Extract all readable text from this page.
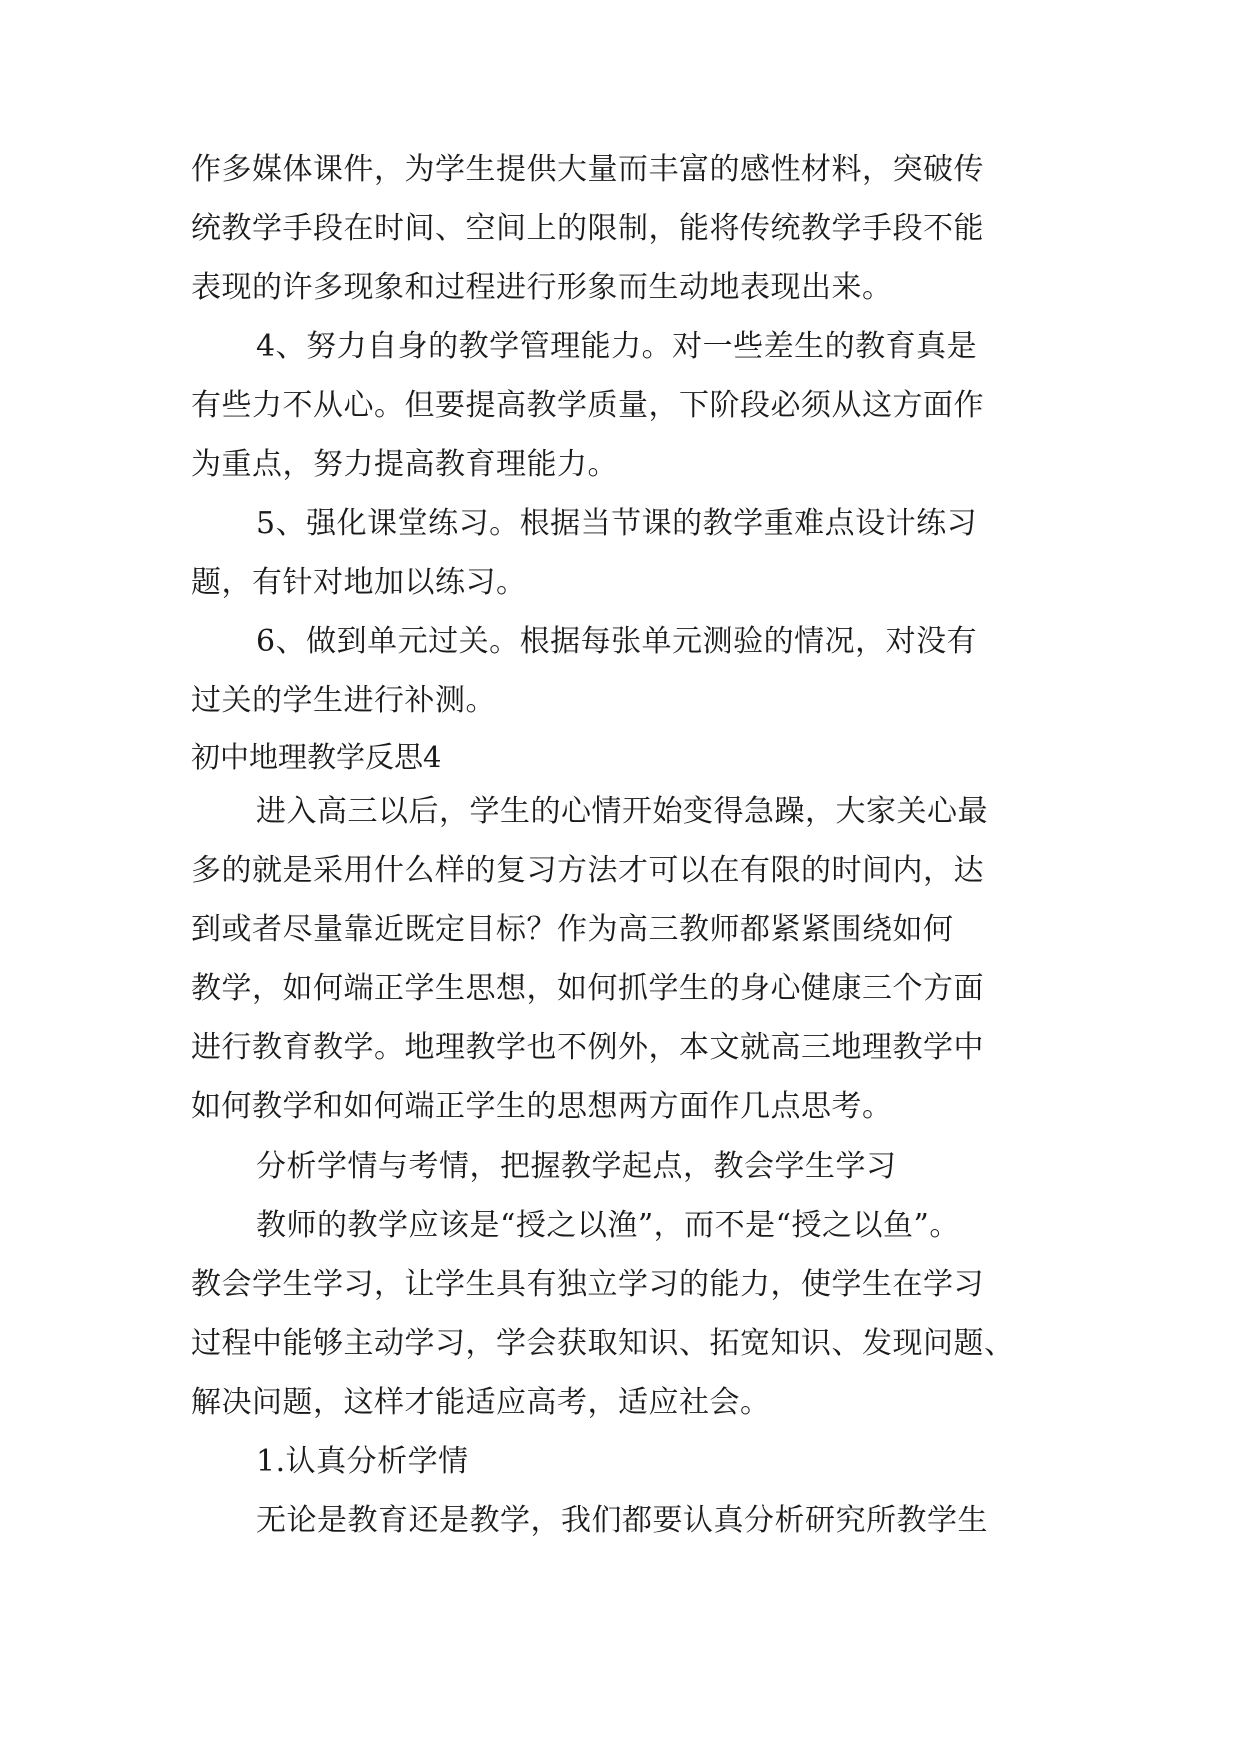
作多媒体课件，为学生提供大量而丰富的感性材料，突破传

统教学手段在时间、空间上的限制，能将传统教学手段不能

表现的许多现象和过程进行形象而生动地表现出来。

4、努力自身的教学管理能力。对一些差生的教育真是

有些力不从心。但要提高教学质量，下阶段必须从这方面作

为重点，努力提高教育理能力。

5、强化课堂练习。根据当节课的教学重难点设计练习

题，有针对地加以练习。

6、做到单元过关。根据每张单元测验的情况，对没有

过关的学生进行补测。

初中地理教学反思4

进入高三以后，学生的心情开始变得急躁，大家关心最

多的就是采用什么样的复习方法才可以在有限的时间内，达

到或者尽量靠近既定目标？作为高三教师都紧紧围绕如何

教学，如何端正学生思想，如何抓学生的身心健康三个方面

进行教育教学。地理教学也不例外，本文就高三地理教学中

如何教学和如何端正学生的思想两方面作几点思考。

分析学情与考情，把握教学起点，教会学生学习

教师的教学应该是“授之以渔”，而不是“授之以鱼”。

教会学生学习，让学生具有独立学习的能力，使学生在学习

过程中能够主动学习，学会获取知识、拓宽知识、发现问题、

解决问题，这样才能适应高考，适应社会。

1.认真分析学情

无论是教育还是教学，我们都要认真分析研究所教学生
